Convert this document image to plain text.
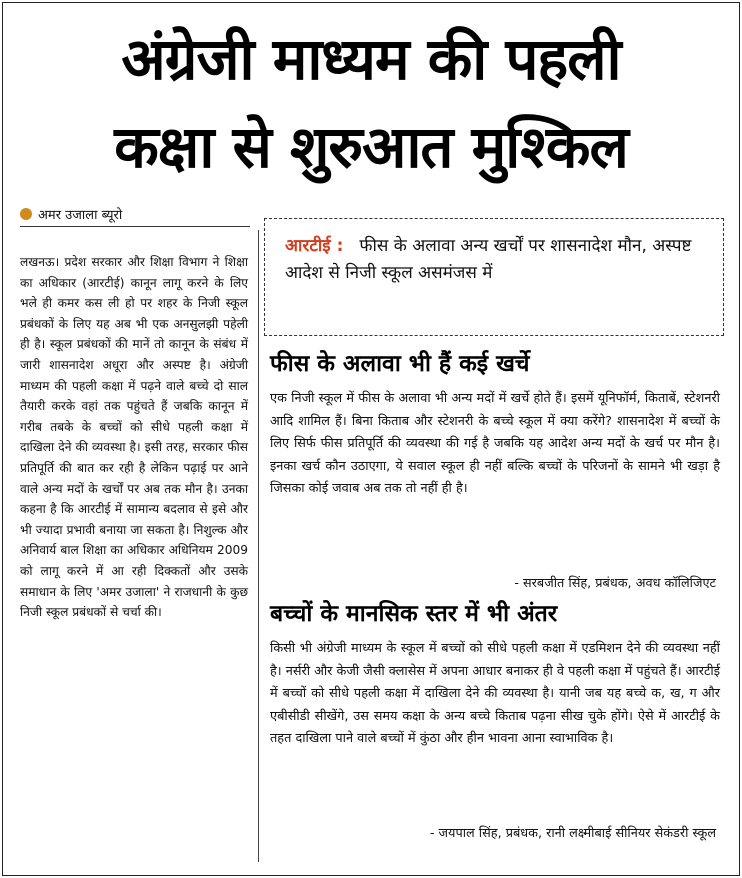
अंग्रेजी माध्यम की पहली
कक्षा से शुरुआत मुश्किल
अमर उजाला ब्यूरो

लखनऊ। प्रदेश सरकार और शिक्षा विभाग ने शिक्षा का अधिकार (आरटीई) कानून लागू करने के लिए भले ही कमर कस ली हो पर शहर के निजी स्कूल प्रबंधकों के लिए यह अब भी एक अनसुलझी पहेली ही है। स्कूल प्रबंधकों की मानें तो कानून के संबंध में जारी शासनादेश अधूरा और अस्पष्ट है। अंग्रेजी माध्यम की पहली कक्षा में पढ़ने वाले बच्चे दो साल तैयारी करके वहां तक पहुंचते हैं जबकि कानून में गरीब तबके के बच्चों को सीधे पहली कक्षा में दाखिला देने की व्यवस्था है। इसी तरह, सरकार फीस प्रतिपूर्ति की बात कर रही है लेकिन पढ़ाई पर आने वाले अन्य मदों के खर्चों पर अब तक मौन है। उनका कहना है कि आरटीई में सामान्य बदलाव से इसे और भी ज्यादा प्रभावी बनाया जा सकता है। निशुल्क और अनिवार्य बाल शिक्षा का अधिकार अधिनियम 2009 को लागू करने में आ रही दिक्कतों और उसके समाधान के लिए 'अमर उजाला' ने राजधानी के कुछ निजी स्कूल प्रबंधकों से चर्चा की।

आरटीई : फीस के अलावा अन्य खर्चों पर शासनादेश मौन, अस्पष्ट आदेश से निजी स्कूल असमंजस में

फीस के अलावा भी हैं कई खर्चे

एक निजी स्कूल में फीस के अलावा भी अन्य मदों में खर्चे होते हैं। इसमें यूनिफॉर्म, किताबें, स्टेशनरी आदि शामिल हैं। बिना किताब और स्टेशनरी के बच्चे स्कूल में क्या करेंगे? शासनादेश में बच्चों के लिए सिर्फ फीस प्रतिपूर्ति की व्यवस्था की गई है जबकि यह आदेश अन्य मदों के खर्च पर मौन है। इनका खर्च कौन उठाएगा, ये सवाल स्कूल ही नहीं बल्कि बच्चों के परिजनों के सामने भी खड़ा है जिसका कोई जवाब अब तक तो नहीं ही है।

- सरबजीत सिंह, प्रबंधक, अवध कॉलिजिएट

बच्चों के मानसिक स्तर में भी अंतर

किसी भी अंग्रेजी माध्यम के स्कूल में बच्चों को सीधे पहली कक्षा में एडमिशन देने की व्यवस्था नहीं है। नर्सरी और केजी जैसी क्लासेस में अपना आधार बनाकर ही वे पहली कक्षा में पहुंचते हैं। आरटीई में बच्चों को सीधे पहली कक्षा में दाखिला देने की व्यवस्था है। यानी जब यह बच्चे क, ख, ग और एबीसीडी सीखेंगे, उस समय कक्षा के अन्य बच्चे किताब पढ़ना सीख चुके होंगे। ऐसे में आरटीई के तहत दाखिला पाने वाले बच्चों में कुंठा और हीन भावना आना स्वाभाविक है।

- जयपाल सिंह, प्रबंधक, रानी लक्ष्मीबाई सीनियर सेकंडरी स्कूल
